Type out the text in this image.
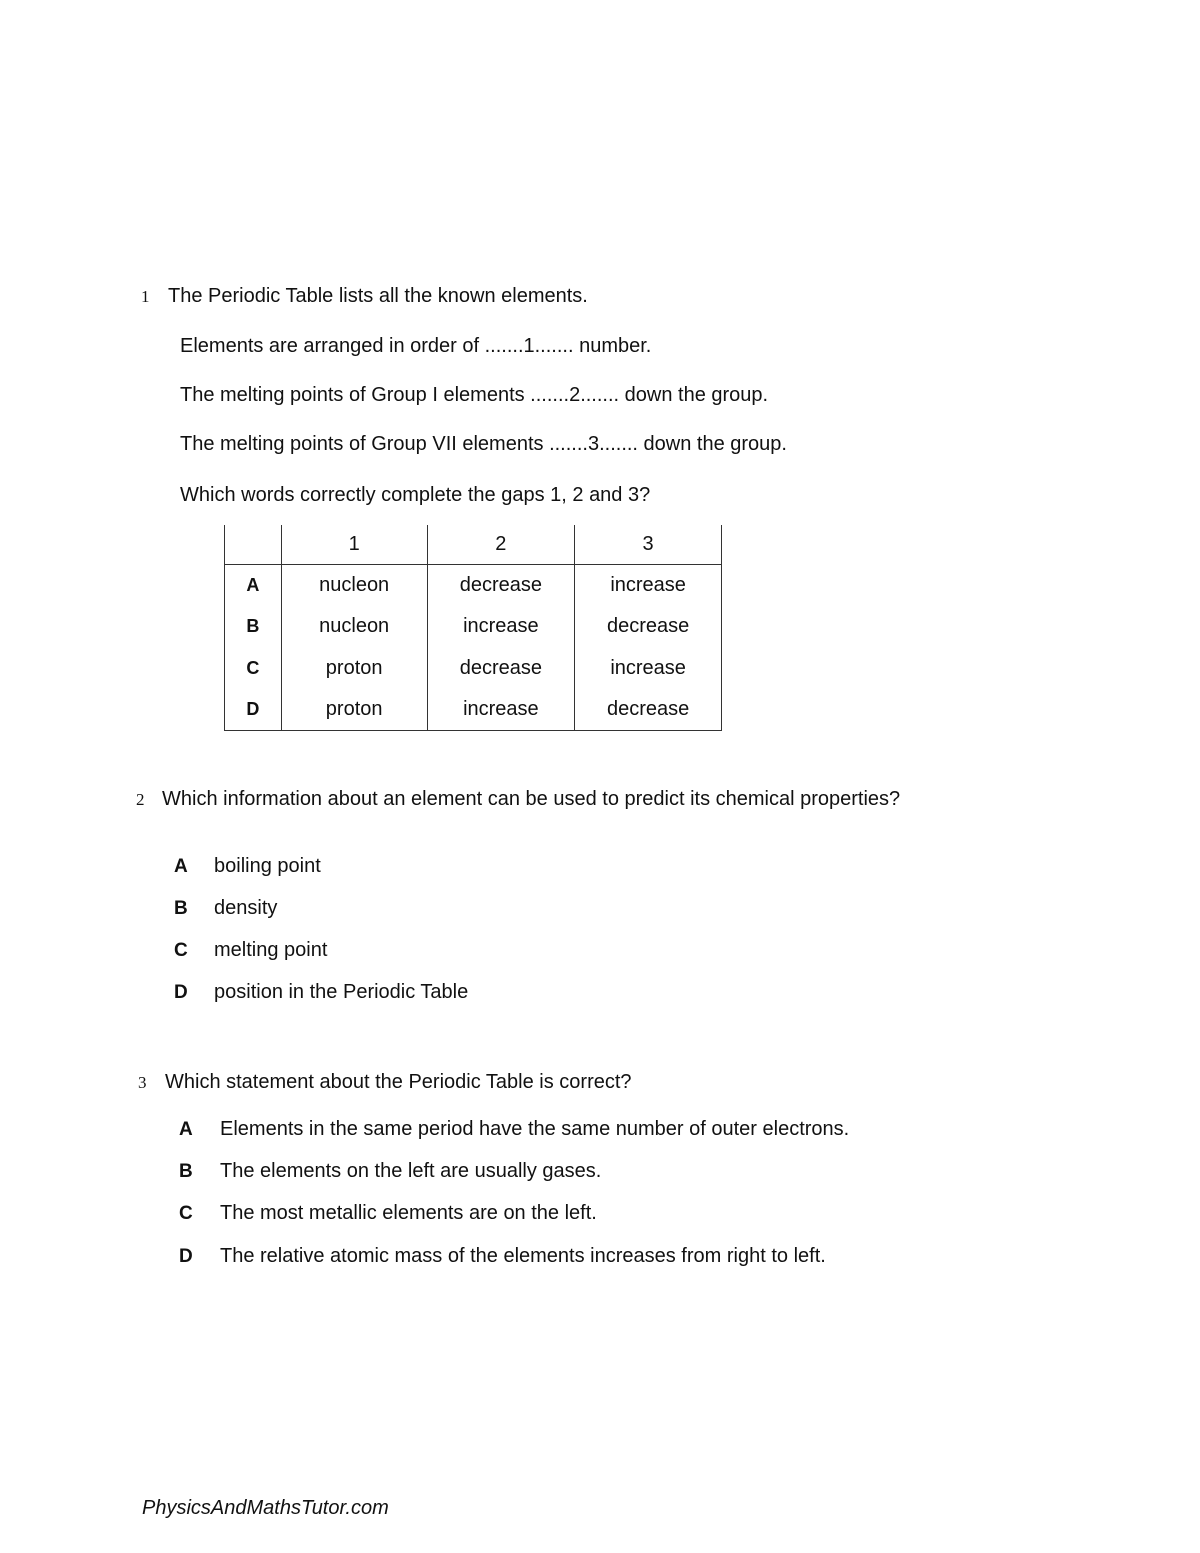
1 The Periodic Table lists all the known elements.
Elements are arranged in order of .......1....... number.
The melting points of Group I elements .......2....... down the group.
The melting points of Group VII elements .......3....... down the group.
Which words correctly complete the gaps 1, 2 and 3?
	1	2	3
A	nucleon	decrease	increase
B	nucleon	increase	decrease
C	proton	decrease	increase
D	proton	increase	decrease
2 Which information about an element can be used to predict its chemical properties?
A boiling point
B density
C melting point
D position in the Periodic Table
3 Which statement about the Periodic Table is correct?
A Elements in the same period have the same number of outer electrons.
B The elements on the left are usually gases.
C The most metallic elements are on the left.
D The relative atomic mass of the elements increases from right to left.
PhysicsAndMathsTutor.com
